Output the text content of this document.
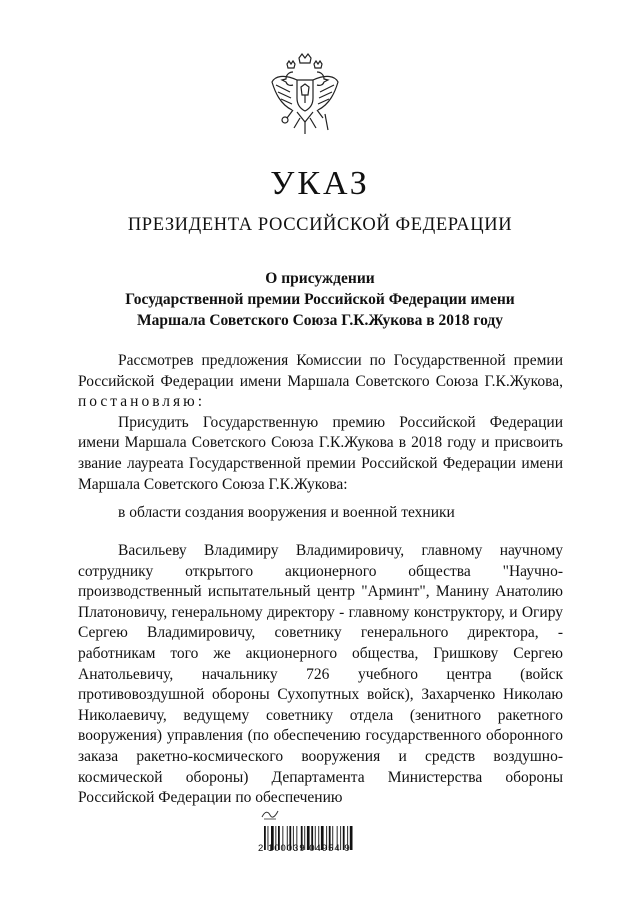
УКАЗ
ПРЕЗИДЕНТА РОССИЙСКОЙ ФЕДЕРАЦИИ
О присуждении
Государственной премии Российской Федерации имени
Маршала Советского Союза Г.К.Жукова в 2018 году

Рассмотрев предложения Комиссии по Государственной премии Российской Федерации имени Маршала Советского Союза Г.К.Жукова, постановляю:

Присудить Государственную премию Российской Федерации имени Маршала Советского Союза Г.К.Жукова в 2018 году и присвоить звание лауреата Государственной премии Российской Федерации имени Маршала Советского Союза Г.К.Жукова:

в области создания вооружения и военной техники

Васильеву Владимиру Владимировичу, главному научному сотруднику открытого акционерного общества "Научно-производственный испытательный центр "Арминт", Манину Анатолию Платоновичу, генеральному директору - главному конструктору, и Огиру Сергею Владимировичу, советнику генерального директора, - работникам того же акционерного общества, Гришкову Сергею Анатольевичу, начальнику 726 учебного центра (войск противовоздушной обороны Сухопутных войск), Захарченко Николаю Николаевичу, ведущему советнику отдела (зенитного ракетного вооружения) управления (по обеспечению государственного оборонного заказа ракетно-космического вооружения и средств воздушно-космической обороны) Департамента Министерства обороны Российской Федерации по обеспечению

2 100039 04954 9
